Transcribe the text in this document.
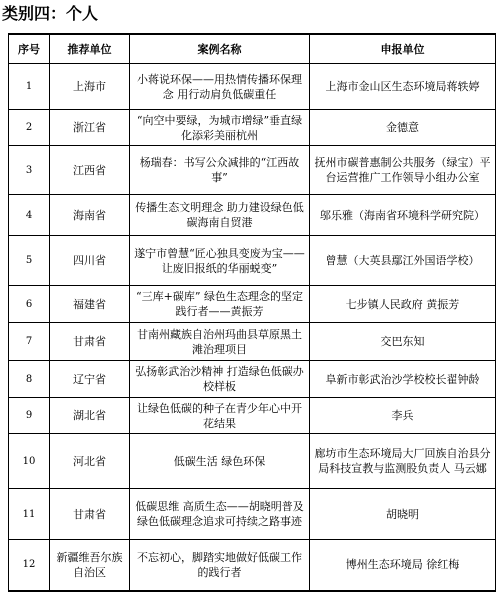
类别四：个人
序号	推荐单位	案例名称	申报单位
1	上海市	小蒋说环保——用热情传播环保理念 用行动肩负低碳重任	上海市金山区生态环境局蒋轶婷
2	浙江省	“向空中要绿，为城市增绿”垂直绿化添彩美丽杭州	金德意
3	江西省	杨瑞春：书写公众减排的“江西故事”	抚州市碳普惠制公共服务（绿宝）平台运营推广工作领导小组办公室
4	海南省	传播生态文明理念 助力建设绿色低碳海南自贸港	邬乐雅（海南省环境科学研究院）
5	四川省	遂宁市曾慧“匠心独具变废为宝——让废旧报纸的华丽蜕变”	曾慧（大英县鄢江外国语学校）
6	福建省	“三库+碳库” 绿色生态理念的坚定践行者——黄振芳	七步镇人民政府 黄振芳
7	甘肃省	甘南州藏族自治州玛曲县草原黑土滩治理项目	交巴东知
8	辽宁省	弘扬彰武治沙精神 打造绿色低碳办校样板	阜新市彰武治沙学校校长翟钟龄
9	湖北省	让绿色低碳的种子在青少年心中开花结果	李兵
10	河北省	低碳生活 绿色环保	廊坊市生态环境局大厂回族自治县分局科技宣教与监测股负责人 马云娜
11	甘肃省	低碳思维 高质生态——胡晓明普及绿色低碳理念追求可持续之路事迹	胡晓明
12	新疆维吾尔族自治区	不忘初心，脚踏实地做好低碳工作的践行者	博州生态环境局 徐红梅
